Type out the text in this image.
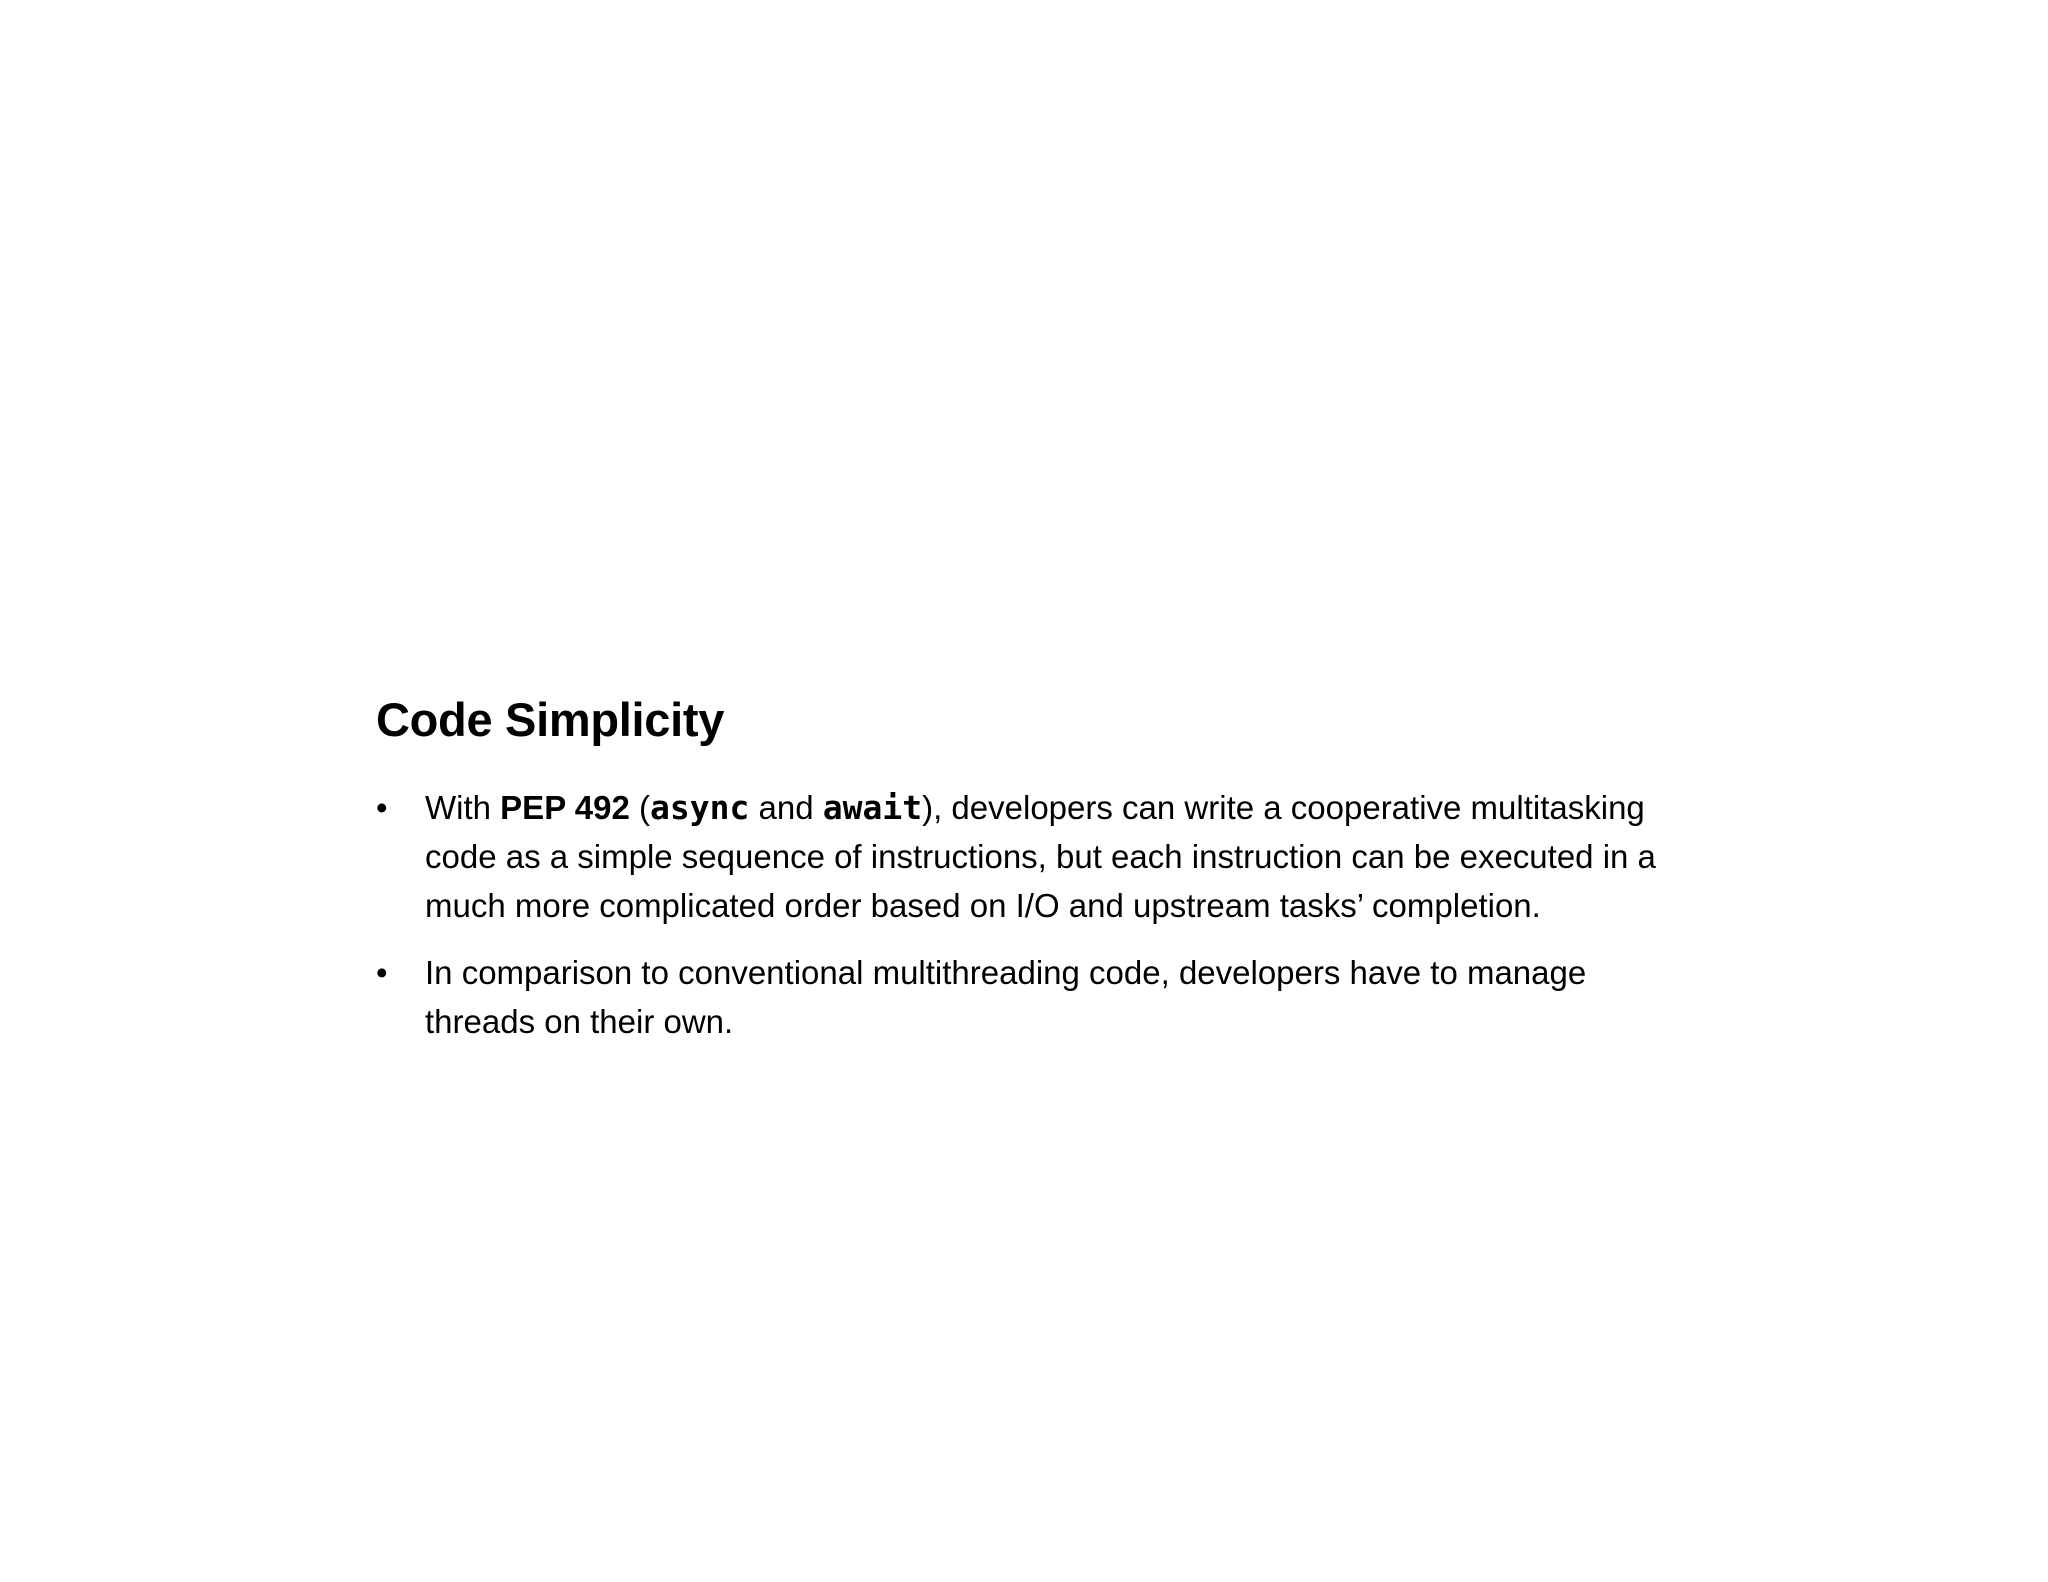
Code Simplicity
• With PEP 492 (async and await), developers can write a cooperative multitasking code as a simple sequence of instructions, but each instruction can be executed in a much more complicated order based on I/O and upstream tasks’ completion.
• In comparison to conventional multithreading code, developers have to manage threads on their own.
